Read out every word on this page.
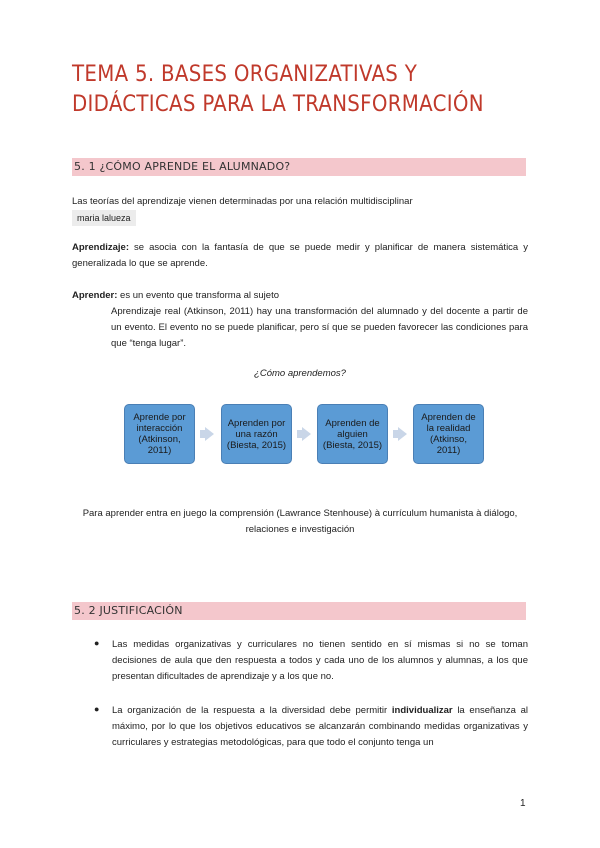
TEMA 5. BASES ORGANIZATIVAS Y DIDÁCTICAS PARA LA TRANSFORMACIÓN
5. 1 ¿CÓMO APRENDE EL ALUMNADO?
Las teorías del aprendizaje vienen determinadas por una relación multidisciplinar
maria lalueza
Aprendizaje: se asocia con la fantasía de que se puede medir y planificar de manera sistemática y generalizada lo que se aprende.
Aprender: es un evento que transforma al sujeto
Aprendizaje real (Atkinson, 2011) hay una transformación del alumnado y del docente a partir de un evento. El evento no se puede planificar, pero sí que se pueden favorecer las condiciones para que “tenga lugar”.
¿Cómo aprendemos?
Aprende por interacción (Atkinson, 2011)
Aprenden por una razón (Biesta, 2015)
Aprenden de alguien (Biesta, 2015)
Aprenden de la realidad (Atkinso, 2011)
Para aprender entra en juego la comprensión (Lawrance Stenhouse) à currículum humanista à diálogo, relaciones e investigación
5. 2 JUSTIFICACIÓN
● Las medidas organizativas y curriculares no tienen sentido en sí mismas si no se toman decisiones de aula que den respuesta a todos y cada uno de los alumnos y alumnas, a los que presentan dificultades de aprendizaje y a los que no.
● La organización de la respuesta a la diversidad debe permitir individualizar la enseñanza al máximo, por lo que los objetivos educativos se alcanzarán combinando medidas organizativas y curriculares y estrategias metodológicas, para que todo el conjunto tenga un
1
